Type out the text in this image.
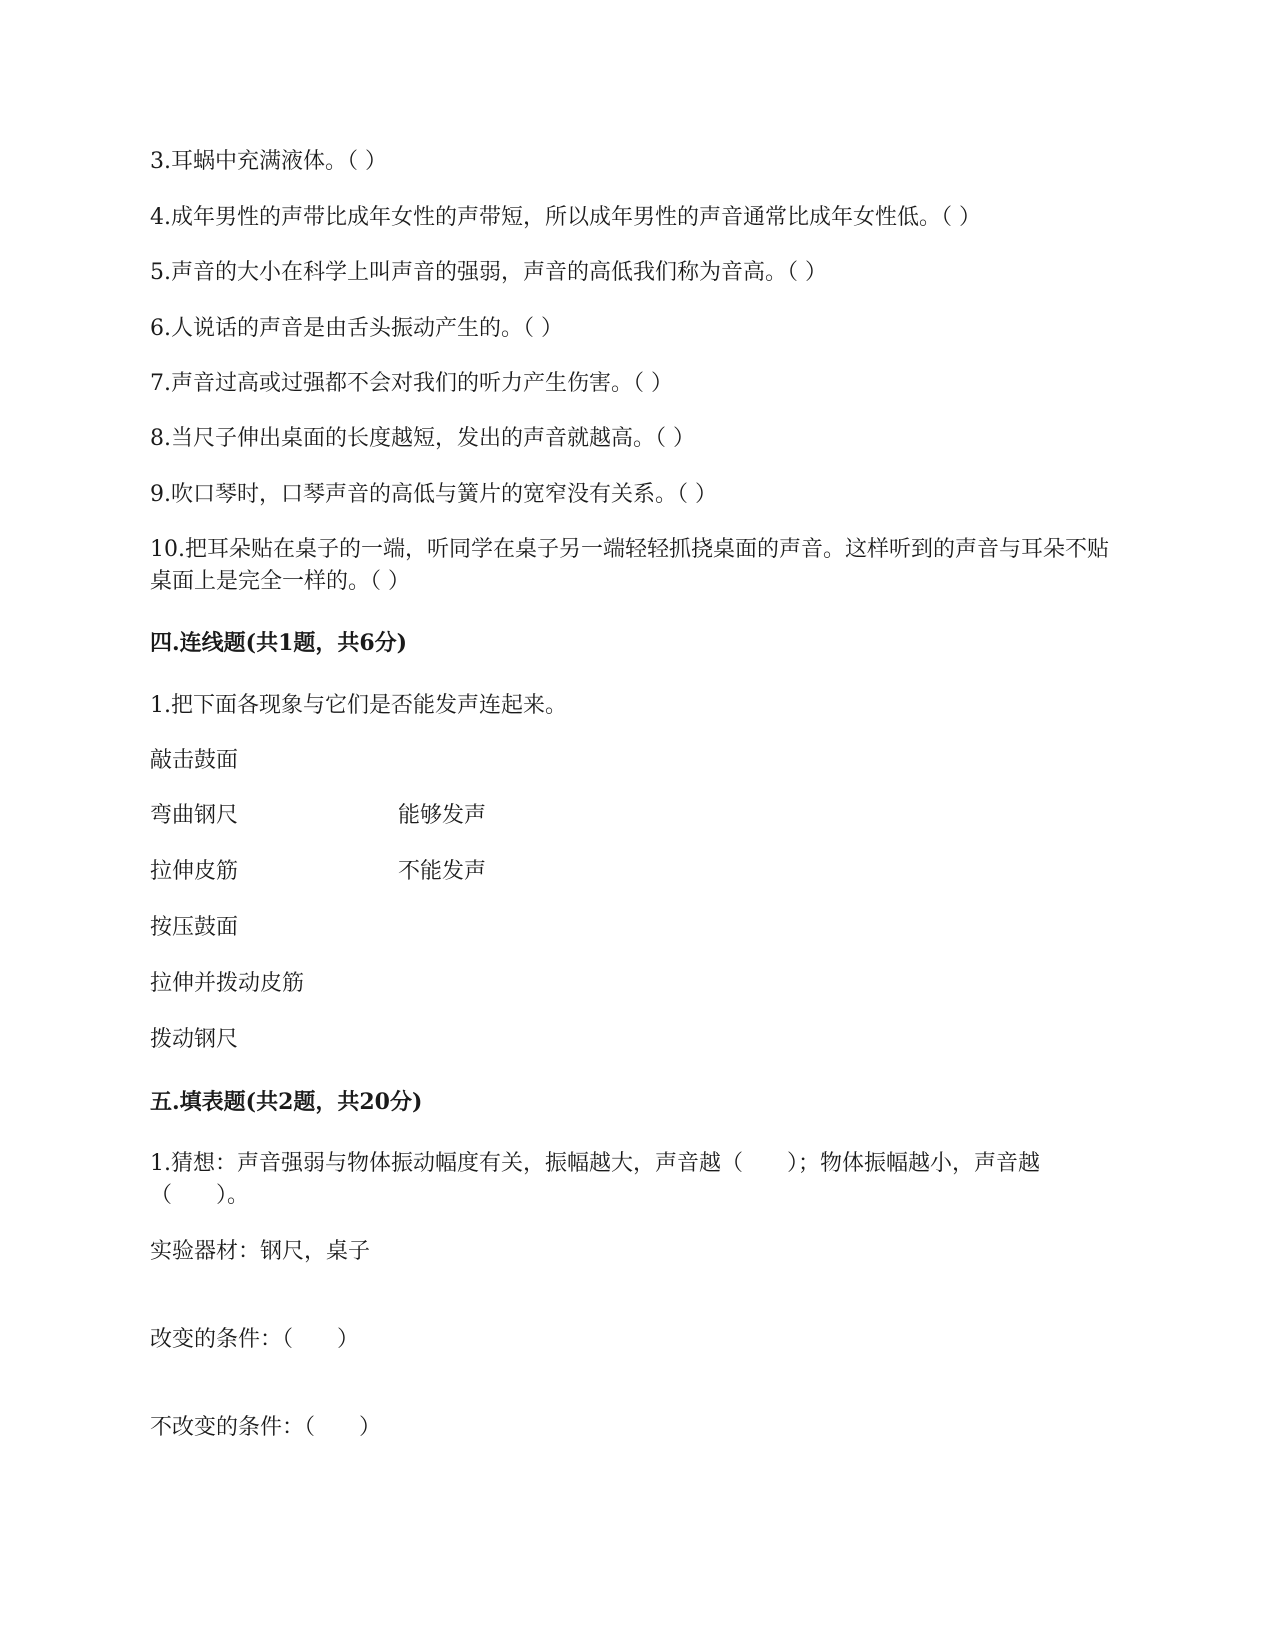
3.耳蜗中充满液体。（ ）
4.成年男性的声带比成年女性的声带短，所以成年男性的声音通常比成年女性低。（ ）
5.声音的大小在科学上叫声音的强弱，声音的高低我们称为音高。（ ）
6.人说话的声音是由舌头振动产生的。（ ）
7.声音过高或过强都不会对我们的听力产生伤害。（ ）
8.当尺子伸出桌面的长度越短，发出的声音就越高。（ ）
9.吹口琴时，口琴声音的高低与簧片的宽窄没有关系。（ ）
10.把耳朵贴在桌子的一端，听同学在桌子另一端轻轻抓挠桌面的声音。这样听到的声音与耳朵不贴桌面上是完全一样的。（ ）
四.连线题(共1题，共6分)
1.把下面各现象与它们是否能发声连起来。
敲击鼓面
弯曲钢尺	能够发声
拉伸皮筋	不能发声
按压鼓面
拉伸并拨动皮筋
拨动钢尺
五.填表题(共2题，共20分)
1.猜想：声音强弱与物体振动幅度有关，振幅越大，声音越（　　）；物体振幅越小，声音越（　　）。
实验器材：钢尺，桌子
改变的条件：（　　）
不改变的条件：（　　）
